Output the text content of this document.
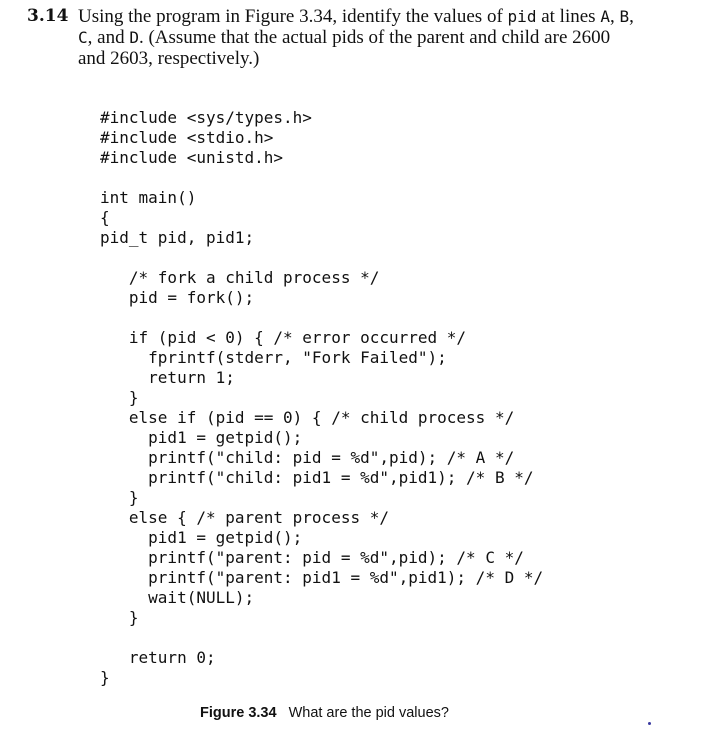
3.14 Using the program in Figure 3.34, identify the values of pid at lines A, B,
C, and D. (Assume that the actual pids of the parent and child are 2600
and 2603, respectively.)
#include <sys/types.h>
#include <stdio.h>
#include <unistd.h>
int main()
{
pid_t pid, pid1;
/* fork a child process */
pid = fork();
if (pid < 0) { /* error occurred */
fprintf(stderr, "Fork Failed");
return 1;
}
else if (pid == 0) { /* child process */
pid1 = getpid();
printf("child: pid = %d",pid); /* A */
printf("child: pid1 = %d",pid1); /* B */
}
else { /* parent process */
pid1 = getpid();
printf("parent: pid = %d",pid); /* C */
printf("parent: pid1 = %d",pid1); /* D */
wait(NULL);
}
return 0;
}
Figure 3.34 What are the pid values?
